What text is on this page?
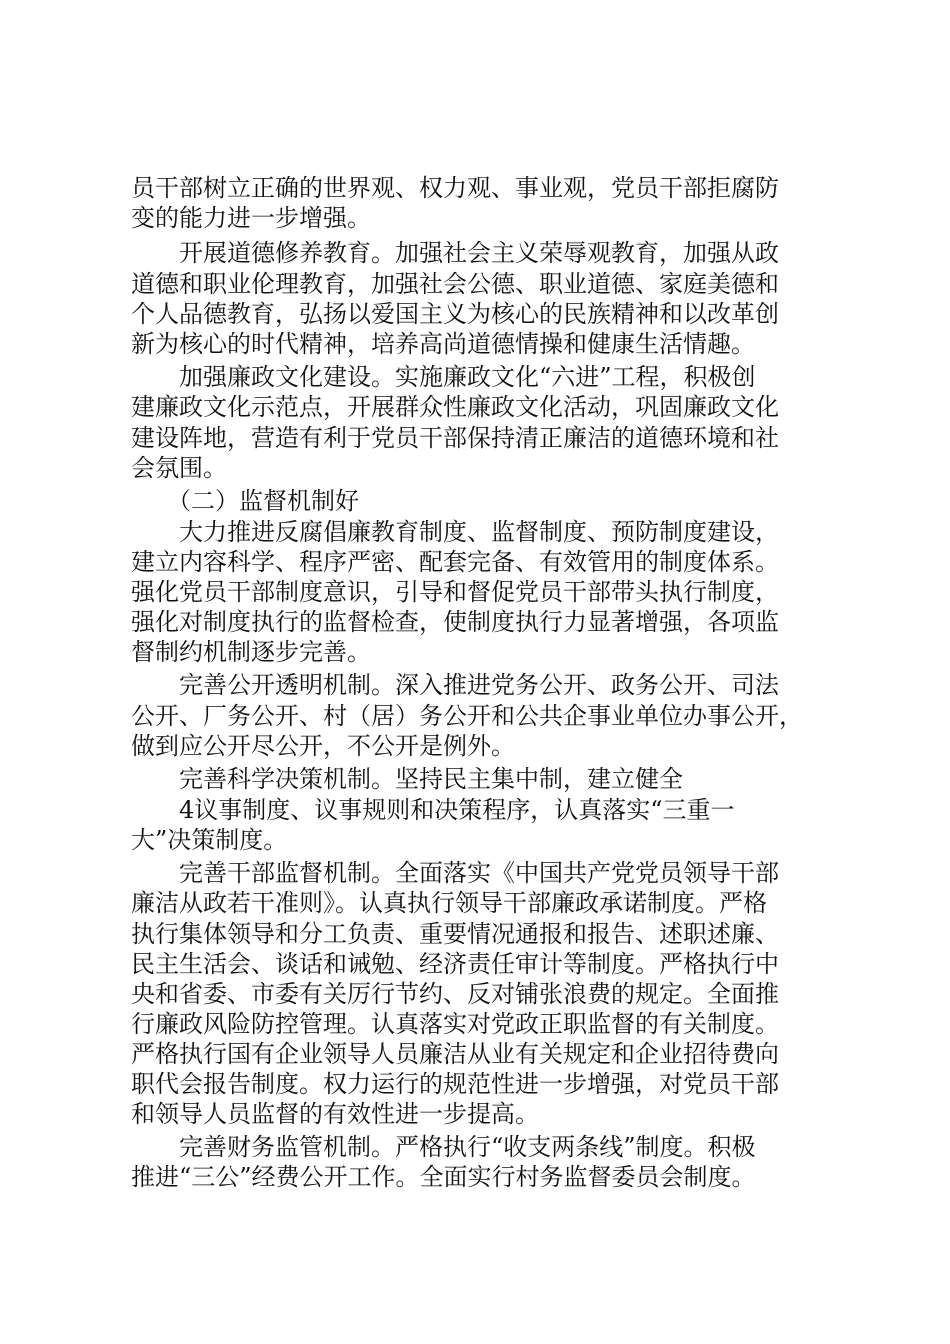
员干部树立正确的世界观、权力观、事业观，党员干部拒腐防
变的能力进一步增强。
　　开展道德修养教育。加强社会主义荣辱观教育，加强从政
道德和职业伦理教育，加强社会公德、职业道德、家庭美德和
个人品德教育，弘扬以爱国主义为核心的民族精神和以改革创
新为核心的时代精神，培养高尚道德情操和健康生活情趣。
　　加强廉政文化建设。实施廉政文化“六进”工程，积极创
建廉政文化示范点，开展群众性廉政文化活动，巩固廉政文化
建设阵地，营造有利于党员干部保持清正廉洁的道德环境和社
会氛围。
　　（二）监督机制好
　　大力推进反腐倡廉教育制度、监督制度、预防制度建设，
建立内容科学、程序严密、配套完备、有效管用的制度体系。
强化党员干部制度意识，引导和督促党员干部带头执行制度，
强化对制度执行的监督检查，使制度执行力显著增强，各项监
督制约机制逐步完善。
　　完善公开透明机制。深入推进党务公开、政务公开、司法
公开、厂务公开、村（居）务公开和公共企事业单位办事公开，
做到应公开尽公开，不公开是例外。
　　完善科学决策机制。坚持民主集中制，建立健全
　　4议事制度、议事规则和决策程序，认真落实“三重一
大”决策制度。
　　完善干部监督机制。全面落实《中国共产党党员领导干部
廉洁从政若干准则》。认真执行领导干部廉政承诺制度。严格
执行集体领导和分工负责、重要情况通报和报告、述职述廉、
民主生活会、谈话和诫勉、经济责任审计等制度。严格执行中
央和省委、市委有关厉行节约、反对铺张浪费的规定。全面推
行廉政风险防控管理。认真落实对党政正职监督的有关制度。
严格执行国有企业领导人员廉洁从业有关规定和企业招待费向
职代会报告制度。权力运行的规范性进一步增强，对党员干部
和领导人员监督的有效性进一步提高。
　　完善财务监管机制。严格执行“收支两条线”制度。积极
推进“三公”经费公开工作。全面实行村务监督委员会制度。
